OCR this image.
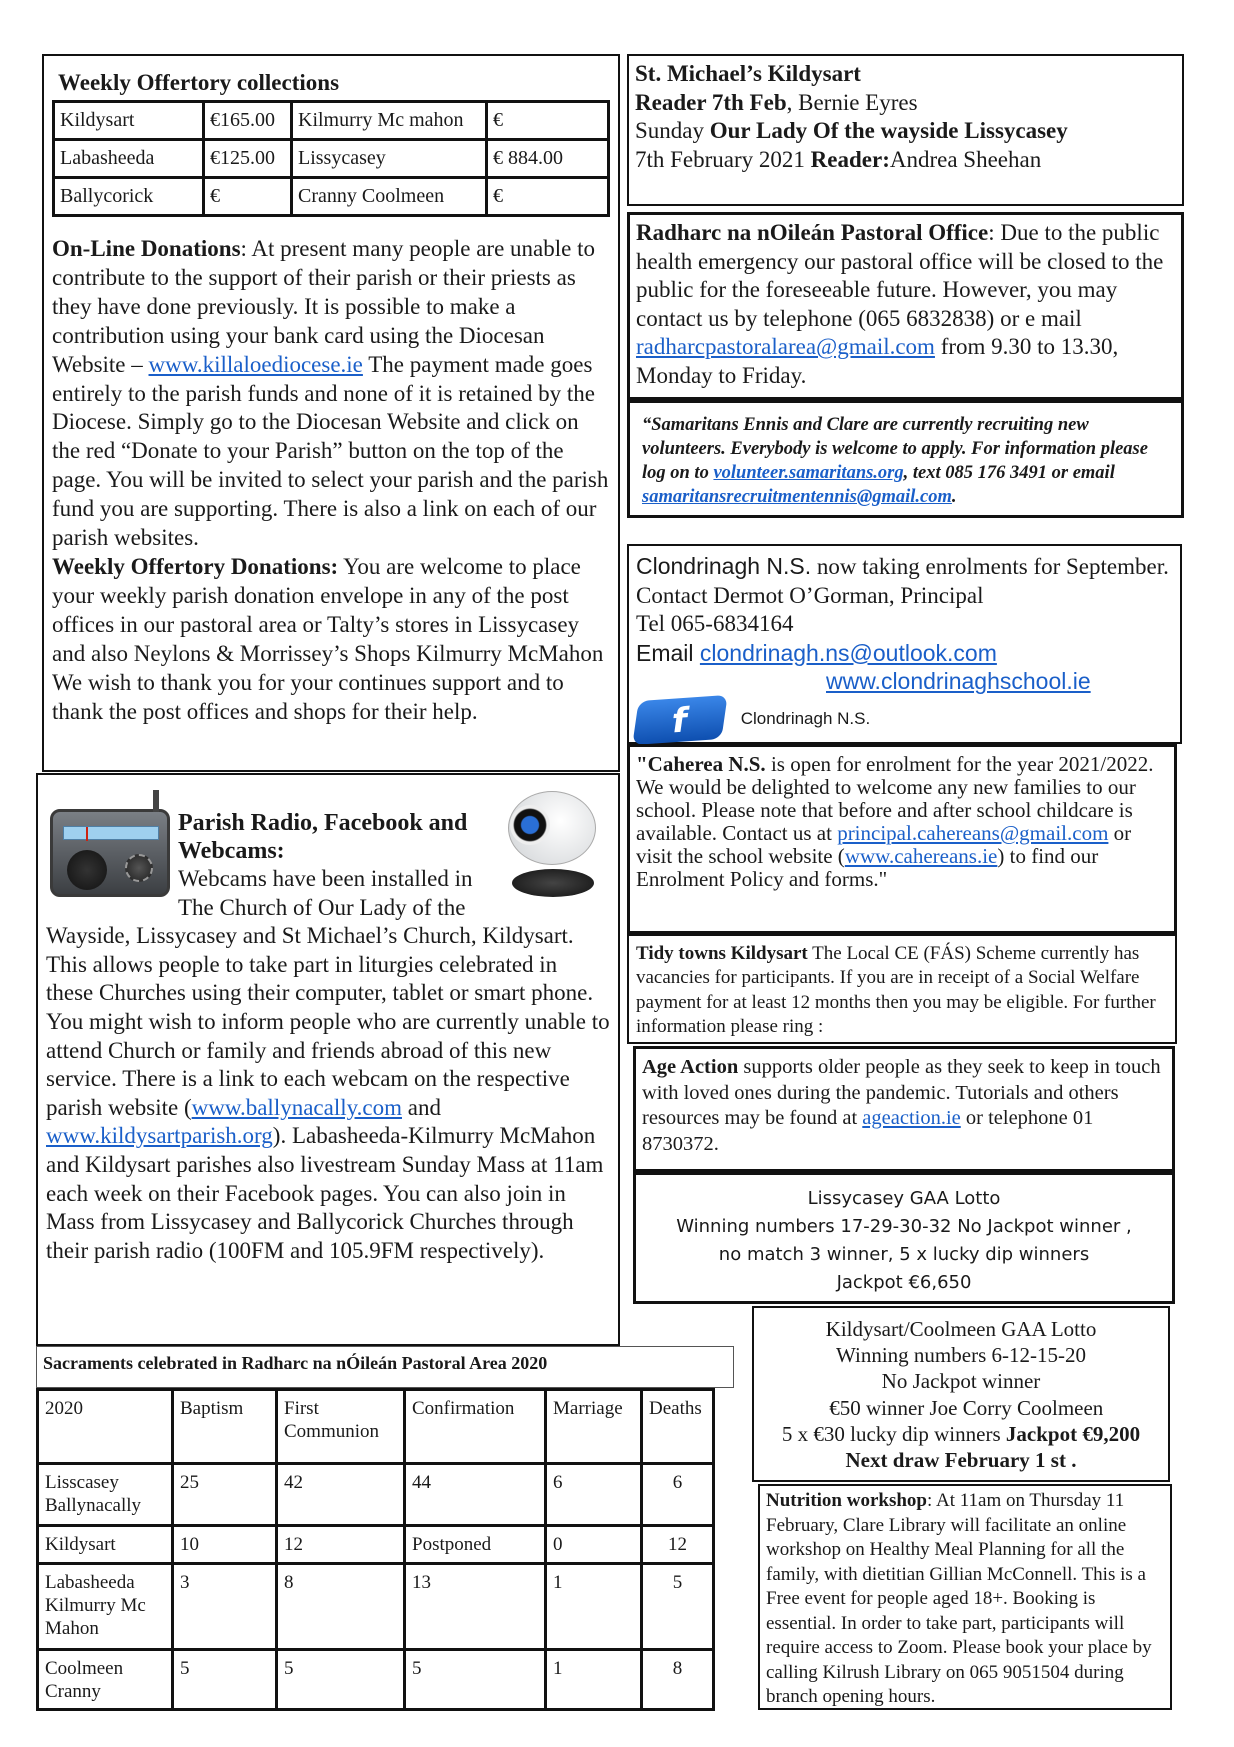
Weekly Offertory collections
Kildysart	€165.00	Kilmurry Mc mahon	€
Labasheeda	€125.00	Lissycasey	€ 884.00
Ballycorick	€	Cranny Coolmeen	€

On-Line Donations: At present many people are unable to contribute to the support of their parish or their priests as they have done previously. It is possible to make a contribution using your bank card using the Diocesan Website – www.killaloediocese.ie The payment made goes entirely to the parish funds and none of it is retained by the Diocese. Simply go to the Diocesan Website and click on the red “Donate to your Parish” button on the top of the page. You will be invited to select your parish and the parish fund you are supporting. There is also a link on each of our parish websites.
Weekly Offertory Donations: You are welcome to place your weekly parish donation envelope in any of the post offices in our pastoral area or Talty’s stores in Lissycasey and also Neylons & Morrissey’s Shops Kilmurry McMahon We wish to thank you for your continues support and to thank the post offices and shops for their help.

Parish Radio, Facebook and Webcams:

Webcams have been installed in The Church of Our Lady of the Wayside, Lissycasey and St Michael’s Church, Kildysart. This allows people to take part in liturgies celebrated in these Churches using their computer, tablet or smart phone. You might wish to inform people who are currently unable to attend Church or family and friends abroad of this new service. There is a link to each webcam on the respective parish website (www.ballynacally.com and www.kildysartparish.org). Labasheeda-Kilmurry McMahon and Kildysart parishes also livestream Sunday Mass at 11am each week on their Facebook pages. You can also join in Mass from Lissycasey and Ballycorick Churches through their parish radio (100FM and 105.9FM respectively).

Sacraments celebrated in Radharc na nÓileán Pastoral Area 2020
2020	Baptism	First Communion	Confirmation	Marriage	Deaths
Lisscasey Ballynacally	25	42	44	6	6
Kildysart	10	12	Postponed	0	12
Labasheeda Kilmurry Mc Mahon	3	8	13	1	5
Coolmeen Cranny	5	5	5	1	8
St. Michael’s Kildysart
Reader 7th Feb, Bernie Eyres
Sunday Our Lady Of the wayside Lissycasey
7th February 2021 Reader:Andrea Sheehan
Radharc na nOileán Pastoral Office: Due to the public health emergency our pastoral office will be closed to the public for the foreseeable future. However, you may contact us by telephone (065 6832838) or e mail radharcpastoralarea@gmail.com from 9.30 to 13.30, Monday to Friday.
“Samaritans Ennis and Clare are currently recruiting new volunteers. Everybody is welcome to apply. For information please log on to volunteer.samaritans.org, text 085 176 3491 or email samaritansrecruitmentennis@gmail.com.
Clondrinagh N.S. now taking enrolments for September. Contact Dermot O’Gorman, Principal
Tel 065-6834164
Email clondrinagh.ns@outlook.com
www.clondrinaghschool.ie
f	Clondrinagh N.S.
"Caherea N.S. is open for enrolment for the year 2021/2022. We would be delighted to welcome any new families to our school. Please note that before and after school childcare is available. Contact us at principal.cahereans@gmail.com or visit the school website (www.cahereans.ie) to find our Enrolment Policy and forms."
Tidy towns Kildysart The Local CE (FÁS) Scheme currently has vacancies for participants. If you are in receipt of a Social Welfare payment for at least 12 months then you may be eligible. For further information please ring :
Age Action supports older people as they seek to keep in touch with loved ones during the pandemic. Tutorials and others resources may be found at ageaction.ie or telephone 01 8730372.
Lissycasey GAA Lotto
Winning numbers 17-29-30-32 No Jackpot winner ,
no match 3 winner, 5 x lucky dip winners
Jackpot €6,650
Kildysart/Coolmeen GAA Lotto
Winning numbers 6-12-15-20
No Jackpot winner
€50 winner Joe Corry Coolmeen
5 x €30 lucky dip winners Jackpot €9,200
Next draw February 1 st .
Nutrition workshop: At 11am on Thursday 11 February, Clare Library will facilitate an online workshop on Healthy Meal Planning for all the family, with dietitian Gillian McConnell. This is a Free event for people aged 18+. Booking is essential. In order to take part, participants will require access to Zoom. Please book your place by calling Kilrush Library on 065 9051504 during branch opening hours.
